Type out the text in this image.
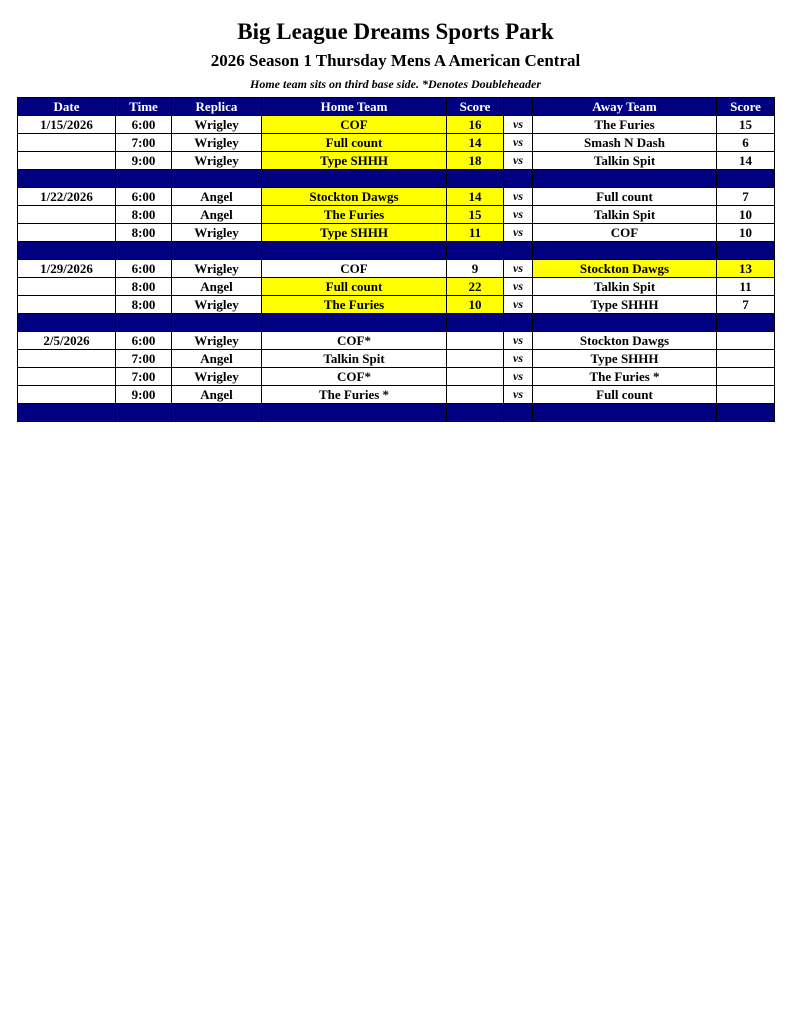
Big League Dreams Sports Park
2026 Season 1 Thursday Mens A American Central
Home team sits on third base side. *Denotes Doubleheader
Date	Time	Replica	Home Team	Score		Away Team	Score
1/15/2026	6:00	Wrigley	COF	16	vs	The Furies	15
	7:00	Wrigley	Full count	14	vs	Smash N Dash	6
	9:00	Wrigley	Type SHHH	18	vs	Talkin Spit	14

1/22/2026	6:00	Angel	Stockton Dawgs	14	vs	Full count	7
	8:00	Angel	The Furies	15	vs	Talkin Spit	10
	8:00	Wrigley	Type SHHH	11	vs	COF	10

1/29/2026	6:00	Wrigley	COF	9	vs	Stockton Dawgs	13
	8:00	Angel	Full count	22	vs	Talkin Spit	11
	8:00	Wrigley	The Furies	10	vs	Type SHHH	7

2/5/2026	6:00	Wrigley	COF*		vs	Stockton Dawgs	
	7:00	Angel	Talkin Spit		vs	Type SHHH	
	7:00	Wrigley	COF*		vs	The Furies *	
	9:00	Angel	The Furies *		vs	Full count	
